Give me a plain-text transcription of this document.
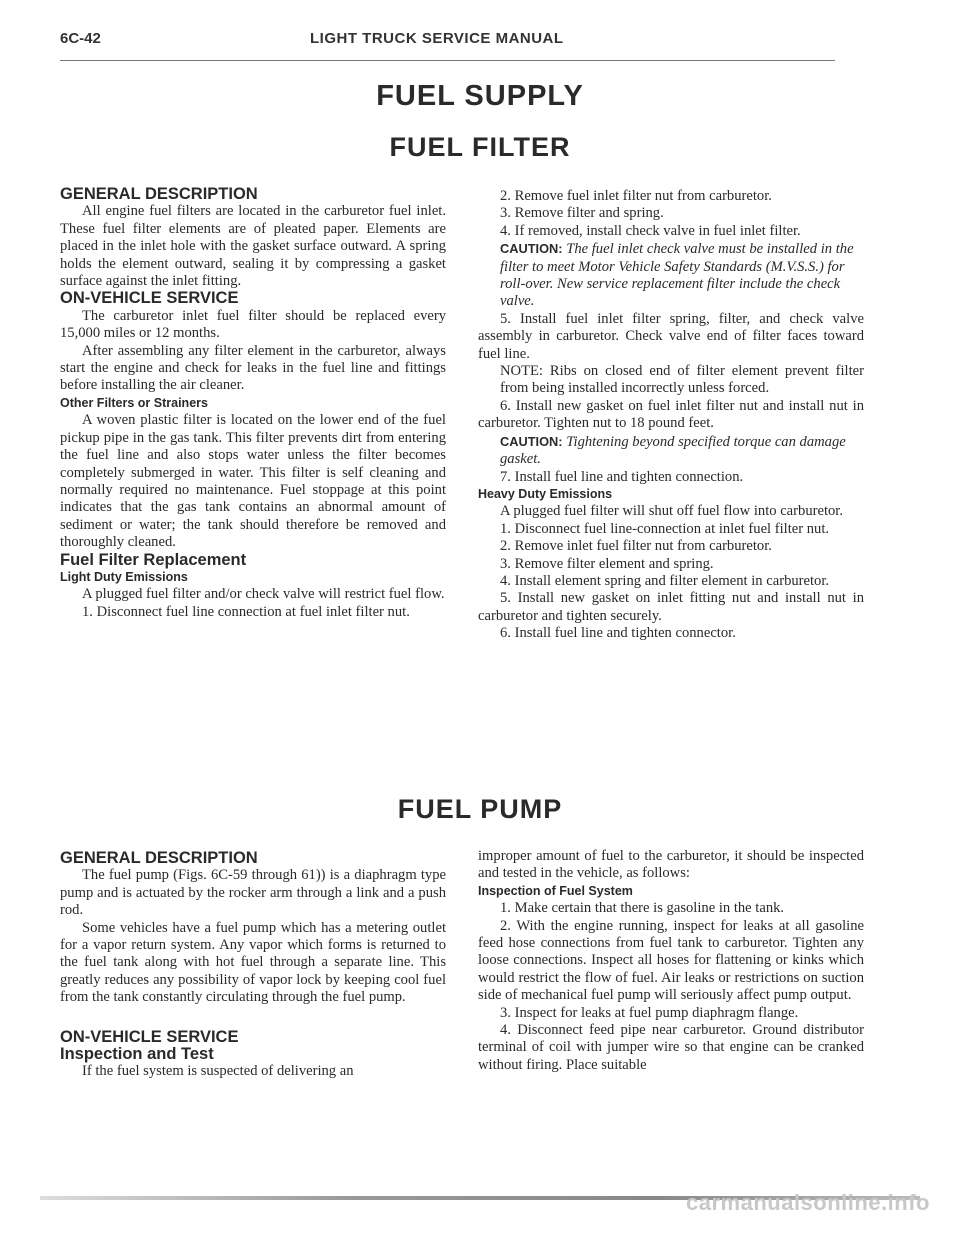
6C-42	LIGHT TRUCK SERVICE MANUAL
FUEL SUPPLY
FUEL FILTER

GENERAL DESCRIPTION

All engine fuel filters are located in the carburetor fuel inlet. These fuel filter elements are of pleated paper. Elements are placed in the inlet hole with the gasket surface outward. A spring holds the element outward, sealing it by compressing a gasket surface against the inlet fitting.

ON-VEHICLE SERVICE

The carburetor inlet fuel filter should be replaced every 15,000 miles or 12 months.

After assembling any filter element in the carburetor, always start the engine and check for leaks in the fuel line and fittings before installing the air cleaner.

Other Filters or Strainers

A woven plastic filter is located on the lower end of the fuel pickup pipe in the gas tank. This filter prevents dirt from entering the fuel line and also stops water unless the filter becomes completely submerged in water. This filter is self cleaning and normally required no maintenance. Fuel stoppage at this point indicates that the gas tank contains an abnormal amount of sediment or water; the tank should therefore be removed and thoroughly cleaned.

Fuel Filter Replacement

Light Duty Emissions

A plugged fuel filter and/or check valve will restrict fuel flow.

1. Disconnect fuel line connection at fuel inlet filter nut.

2. Remove fuel inlet filter nut from carburetor.

3. Remove filter and spring.

4. If removed, install check valve in fuel inlet filter.

CAUTION: The fuel inlet check valve must be installed in the filter to meet Motor Vehicle Safety Standards (M.V.S.S.) for roll-over. New service replacement filter include the check valve.

5. Install fuel inlet filter spring, filter, and check valve assembly in carburetor. Check valve end of filter faces toward fuel line.

NOTE: Ribs on closed end of filter element prevent filter from being installed incorrectly unless forced.

6. Install new gasket on fuel inlet filter nut and install nut in carburetor. Tighten nut to 18 pound feet.

CAUTION: Tightening beyond specified torque can damage gasket.

7. Install fuel line and tighten connection.

Heavy Duty Emissions

A plugged fuel filter will shut off fuel flow into carburetor.

1. Disconnect fuel line-connection at inlet fuel filter nut.

2. Remove inlet fuel filter nut from carburetor.

3. Remove filter element and spring.

4. Install element spring and filter element in carburetor.

5. Install new gasket on inlet fitting nut and install nut in carburetor and tighten securely.

6. Install fuel line and tighten connector.

FUEL PUMP

GENERAL DESCRIPTION

The fuel pump (Figs. 6C-59 through 61)) is a diaphragm type pump and is actuated by the rocker arm through a link and a push rod.

Some vehicles have a fuel pump which has a metering outlet for a vapor return system. Any vapor which forms is returned to the fuel tank along with hot fuel through a separate line. This greatly reduces any possibility of vapor lock by keeping cool fuel from the tank constantly circulating through the fuel pump.

ON-VEHICLE SERVICE

Inspection and Test

If the fuel system is suspected of delivering an

improper amount of fuel to the carburetor, it should be inspected and tested in the vehicle, as follows:

Inspection of Fuel System

1. Make certain that there is gasoline in the tank.

2. With the engine running, inspect for leaks at all gasoline feed hose connections from fuel tank to carburetor. Tighten any loose connections. Inspect all hoses for flattening or kinks which would restrict the flow of fuel. Air leaks or restrictions on suction side of mechanical fuel pump will seriously affect pump output.

3. Inspect for leaks at fuel pump diaphragm flange.

4. Disconnect feed pipe near carburetor. Ground distributor terminal of coil with jumper wire so that engine can be cranked without firing. Place suitable

carmanualsonline.info
